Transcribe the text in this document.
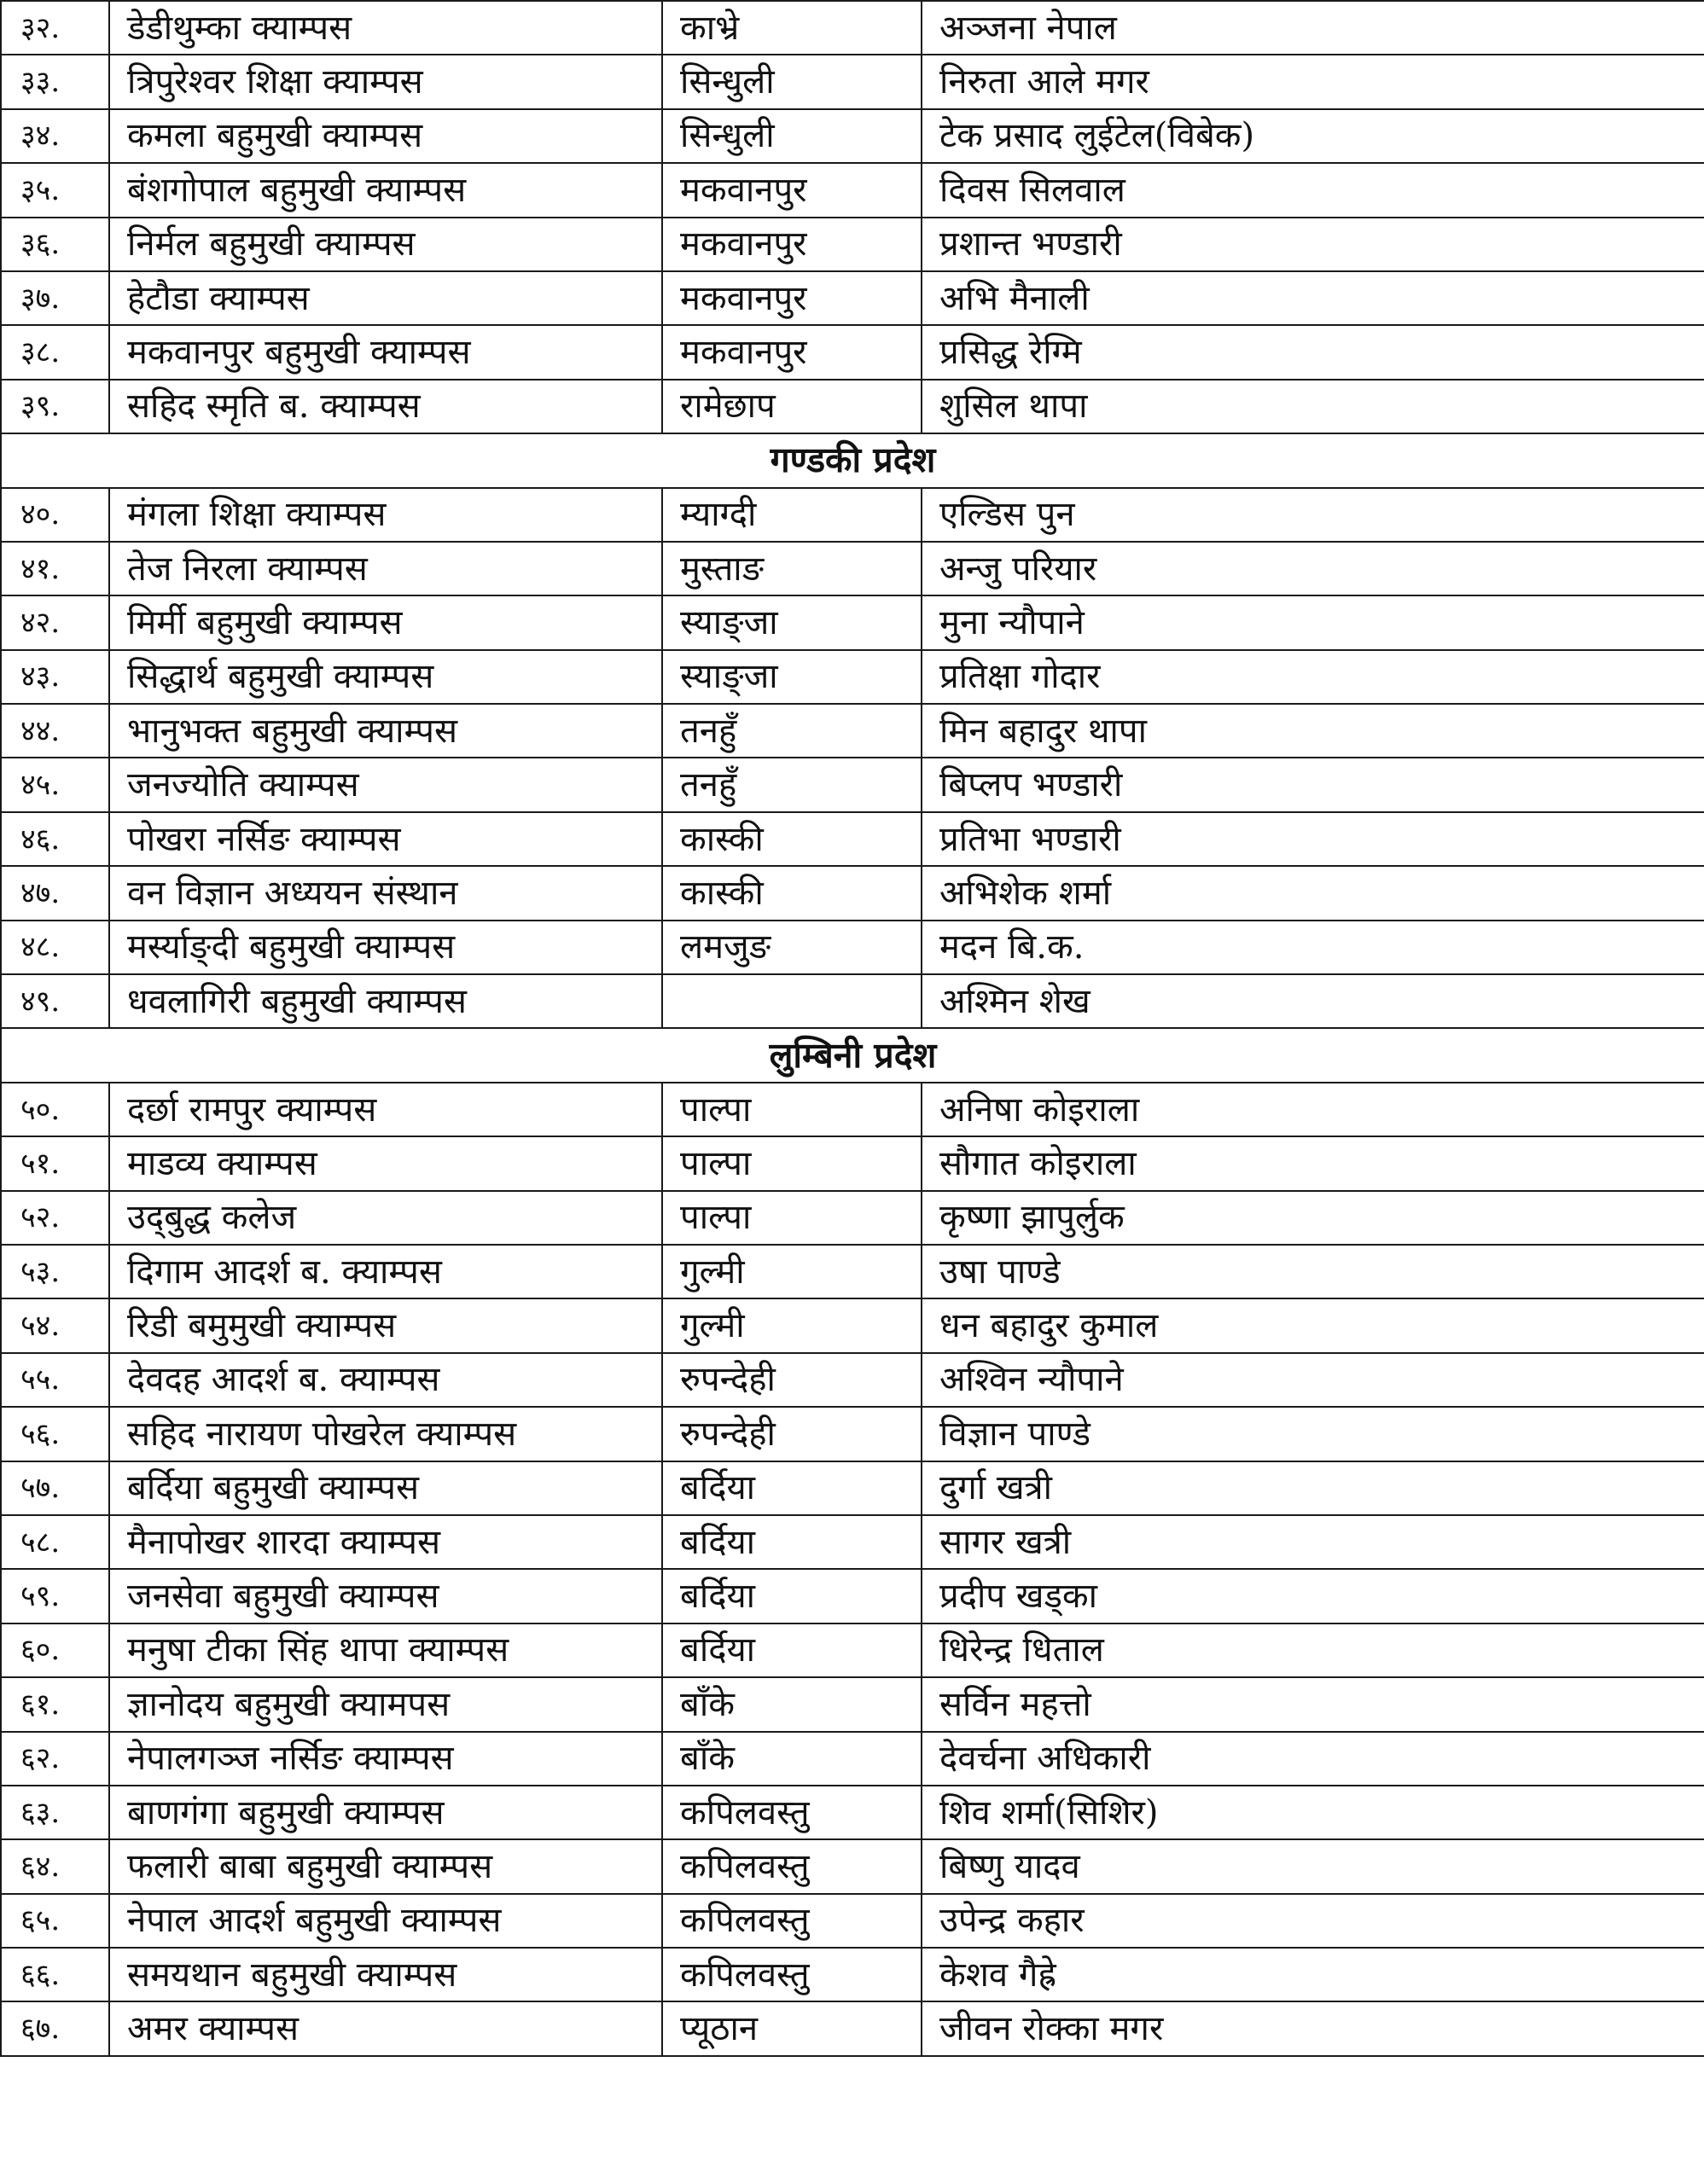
३२.	डेडीथुम्का क्याम्पस	काभ्रे	अञ्जना नेपाल
३३.	त्रिपुरेश्वर शिक्षा क्याम्पस	सिन्धुली	निरुता आले मगर
३४.	कमला बहुमुखी क्याम्पस	सिन्धुली	टेक प्रसाद लुईटेल(विबेक)
३५.	बंशगोपाल बहुमुखी क्याम्पस	मकवानपुर	दिवस सिलवाल
३६.	निर्मल बहुमुखी क्याम्पस	मकवानपुर	प्रशान्त भण्डारी
३७.	हेटौडा क्याम्पस	मकवानपुर	अभि मैनाली
३८.	मकवानपुर बहुमुखी क्याम्पस	मकवानपुर	प्रसिद्ध रेग्मि
३९.	सहिद स्मृति ब. क्याम्पस	रामेछाप	शुसिल थापा
गण्डकी प्रदेश			
४०.	मंगला शिक्षा क्याम्पस	म्याग्दी	एल्डिस पुन
४१.	तेज निरला क्याम्पस	मुस्ताङ	अन्जु परियार
४२.	मिर्मी बहुमुखी क्याम्पस	स्याङ्जा	मुना न्यौपाने
४३.	सिद्धार्थ बहुमुखी क्याम्पस	स्याङ्जा	प्रतिक्षा गोदार
४४.	भानुभक्त बहुमुखी क्याम्पस	तनहुँ	मिन बहादुर थापा
४५.	जनज्योति क्याम्पस	तनहुँ	बिप्लप भण्डारी
४६.	पोखरा नर्सिङ क्याम्पस	कास्की	प्रतिभा भण्डारी
४७.	वन विज्ञान अध्ययन संस्थान	कास्की	अभिशेक शर्मा
४८.	मर्स्याङ्दी बहुमुखी क्याम्पस	लमजुङ	मदन बि.क.
४९.	धवलागिरी बहुमुखी क्याम्पस		अश्मिन शेख
लुम्बिनी प्रदेश			
५०.	दर्छा रामपुर क्याम्पस	पाल्पा	अनिषा कोइराला
५१.	माडव्य क्याम्पस	पाल्पा	सौगात कोइराला
५२.	उद्‍बुद्ध कलेज	पाल्पा	कृष्णा झापुर्लुक
५३.	दिगाम आदर्श ब. क्याम्पस	गुल्मी	उषा पाण्डे
५४.	रिडी बमुमुखी क्याम्पस	गुल्मी	धन बहादुर कुमाल
५५.	देवदह आदर्श ब. क्याम्पस	रुपन्देही	अश्विन न्यौपाने
५६.	सहिद नारायण पोखरेल क्याम्पस	रुपन्देही	विज्ञान पाण्डे
५७.	बर्दिया बहुमुखी क्याम्पस	बर्दिया	दुर्गा खत्री
५८.	मैनापोखर शारदा क्याम्पस	बर्दिया	सागर खत्री
५९.	जनसेवा बहुमुखी क्याम्पस	बर्दिया	प्रदीप खड्का
६०.	मनुषा टीका सिंह थापा क्याम्पस	बर्दिया	धिरेन्द्र धिताल
६१.	ज्ञानोदय बहुमुखी क्यामपस	बाँके	सर्विन महत्तो
६२.	नेपालगञ्ज नर्सिङ क्याम्पस	बाँके	देवर्चना अधिकारी
६३.	बाणगंगा बहुमुखी क्याम्पस	कपिलवस्तु	शिव शर्मा(सिशिर)
६४.	फलारी बाबा बहुमुखी क्याम्पस	कपिलवस्तु	बिष्णु यादव
६५.	नेपाल आदर्श बहुमुखी क्याम्पस	कपिलवस्तु	उपेन्द्र कहार
६६.	समयथान बहुमुखी क्याम्पस	कपिलवस्तु	केशव गैह्रे
६७.	अमर क्याम्पस	प्यूठान	जीवन रोक्का मगर
